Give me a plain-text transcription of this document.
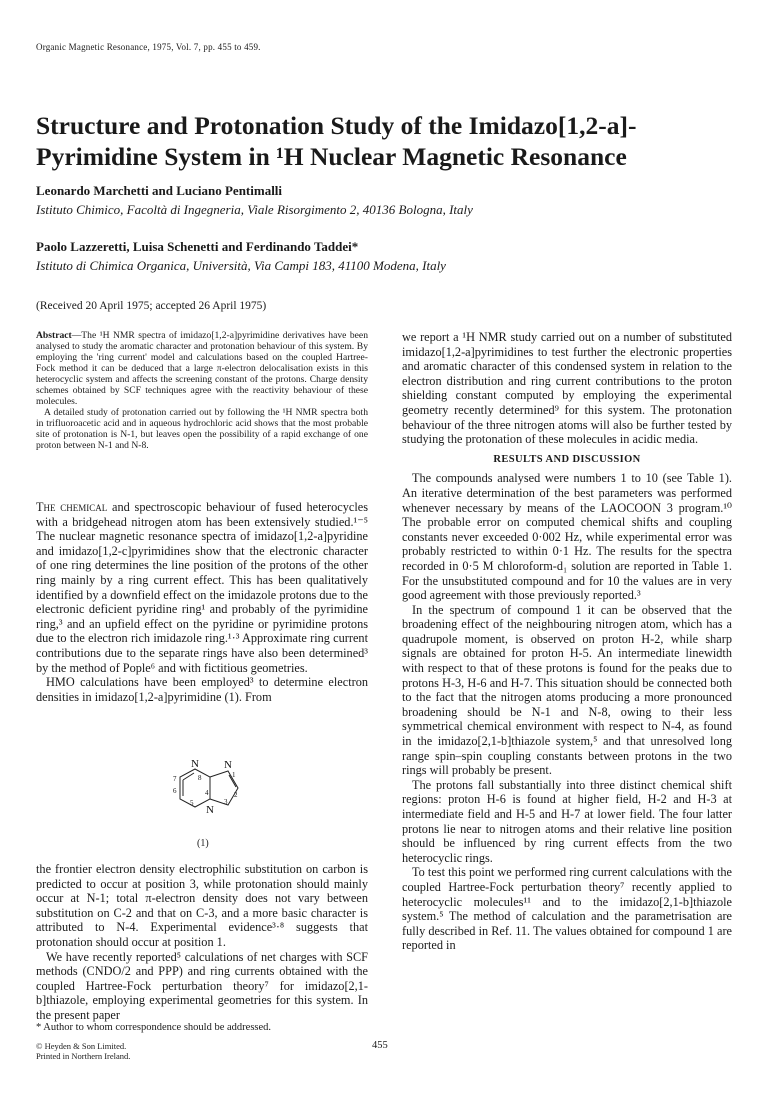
Organic Magnetic Resonance, 1975, Vol. 7, pp. 455 to 459.
Structure and Protonation Study of the Imidazo[1,2-a]-
Pyrimidine System in ¹H Nuclear Magnetic Resonance
Leonardo Marchetti and Luciano Pentimalli
Istituto Chimico, Facoltà di Ingegneria, Viale Risorgimento 2, 40136 Bologna, Italy
Paolo Lazzeretti, Luisa Schenetti and Ferdinando Taddei*
Istituto di Chimica Organica, Università, Via Campi 183, 41100 Modena, Italy
(Received 20 April 1975; accepted 26 April 1975)

Abstract—The ¹H NMR spectra of imidazo[1,2-a]pyrimidine derivatives have been analysed to study the aromatic character and protonation behaviour of this system. By employing the 'ring current' model and calculations based on the coupled Hartree-Fock method it can be deduced that a large π-electron delocalisation exists in this heterocyclic system and affects the screening constant of the protons. Charge density schemes obtained by SCF techniques agree with the reactivity behaviour of these molecules.

A detailed study of protonation carried out by following the ¹H NMR spectra both in trifluoroacetic acid and in aqueous hydrochloric acid shows that the most probable site of protonation is N-1, but leaves open the possibility of a rapid exchange of one proton between N-1 and N-8.

The chemical and spectroscopic behaviour of fused heterocycles with a bridgehead nitrogen atom has been extensively studied.¹⁻⁵ The nuclear magnetic resonance spectra of imidazo[1,2-a]pyridine and imidazo[1,2-c]pyrimidines show that the electronic character of one ring determines the line position of the protons of the other ring mainly by a ring current effect. This has been qualitatively identified by a downfield effect on the imidazole protons due to the electronic deficient pyridine ring¹ and probably of the pyrimidine ring,³ and an upfield effect on the pyridine or pyrimidine protons due to the electron rich imidazole ring.¹·³ Approximate ring current contributions due to the separate rings have also been determined³ by the method of Pople⁶ and with fictitious geometries.

HMO calculations have been employed³ to determine electron densities in imidazo[1,2-a]pyrimidine (1). From

N N
N
1
2
3
4
5
6
7	8
(1)

the frontier electron density electrophilic substitution on carbon is predicted to occur at position 3, while protonation should mainly occur at N-1; total π-electron density does not vary between substitution on C-2 and that on C-3, and a more basic character is attributed to N-4. Experimental evidence³·⁸ suggests that protonation should occur at position 1.

We have recently reported⁵ calculations of net charges with SCF methods (CNDO/2 and PPP) and ring currents obtained with the coupled Hartree-Fock perturbation theory⁷ for imidazo[2,1-b]thiazole, employing experimental geometries for this system. In the present paper

we report a ¹H NMR study carried out on a number of substituted imidazo[1,2-a]pyrimidines to test further the electronic properties and aromatic character of this condensed system in relation to the electron distribution and ring current contributions to the proton shielding constant computed by employing the experimental geometry recently determined⁹ for this system. The protonation behaviour of the three nitrogen atoms will also be further tested by studying the protonation of these molecules in acidic media.

RESULTS AND DISCUSSION

The compounds analysed were numbers 1 to 10 (see Table 1). An iterative determination of the best parameters was performed whenever necessary by means of the LAOCOON 3 program.¹⁰ The probable error on computed chemical shifts and coupling constants never exceeded 0·002 Hz, while experimental error was probably restricted to within 0·1 Hz. The results for the spectra recorded in 0·5 M chloroform-d₁ solution are reported in Table 1. For the unsubstituted compound and for 10 the values are in very good agreement with those previously reported.³

In the spectrum of compound 1 it can be observed that the broadening effect of the neighbouring nitrogen atom, which has a quadrupole moment, is observed on proton H-2, while sharp signals are obtained for proton H-5. An intermediate linewidth with respect to that of these protons is found for the peaks due to protons H-3, H-6 and H-7. This situation should be connected both to the fact that the nitrogen atoms producing a more pronounced broadening should be N-1 and N-8, owing to their less symmetrical chemical environment with respect to N-4, as found in the imidazo[2,1-b]thiazole system,⁵ and that unresolved long range spin–spin coupling constants between protons in the two rings will probably be present.

The protons fall substantially into three distinct chemical shift regions: proton H-6 is found at higher field, H-2 and H-3 at intermediate field and H-5 and H-7 at lower field. The four latter protons lie near to nitrogen atoms and their relative line position should be influenced by ring current effects from the two heterocyclic rings.

To test this point we performed ring current calculations with the coupled Hartree-Fock perturbation theory⁷ recently applied to heterocyclic molecules¹¹ and to the imidazo[2,1-b]thiazole system.⁵ The method of calculation and the parametrisation are fully described in Ref. 11. The values obtained for compound 1 are reported in

* Author to whom correspondence should be addressed.
© Heyden & Son Limited.
Printed in Northern Ireland.
455
